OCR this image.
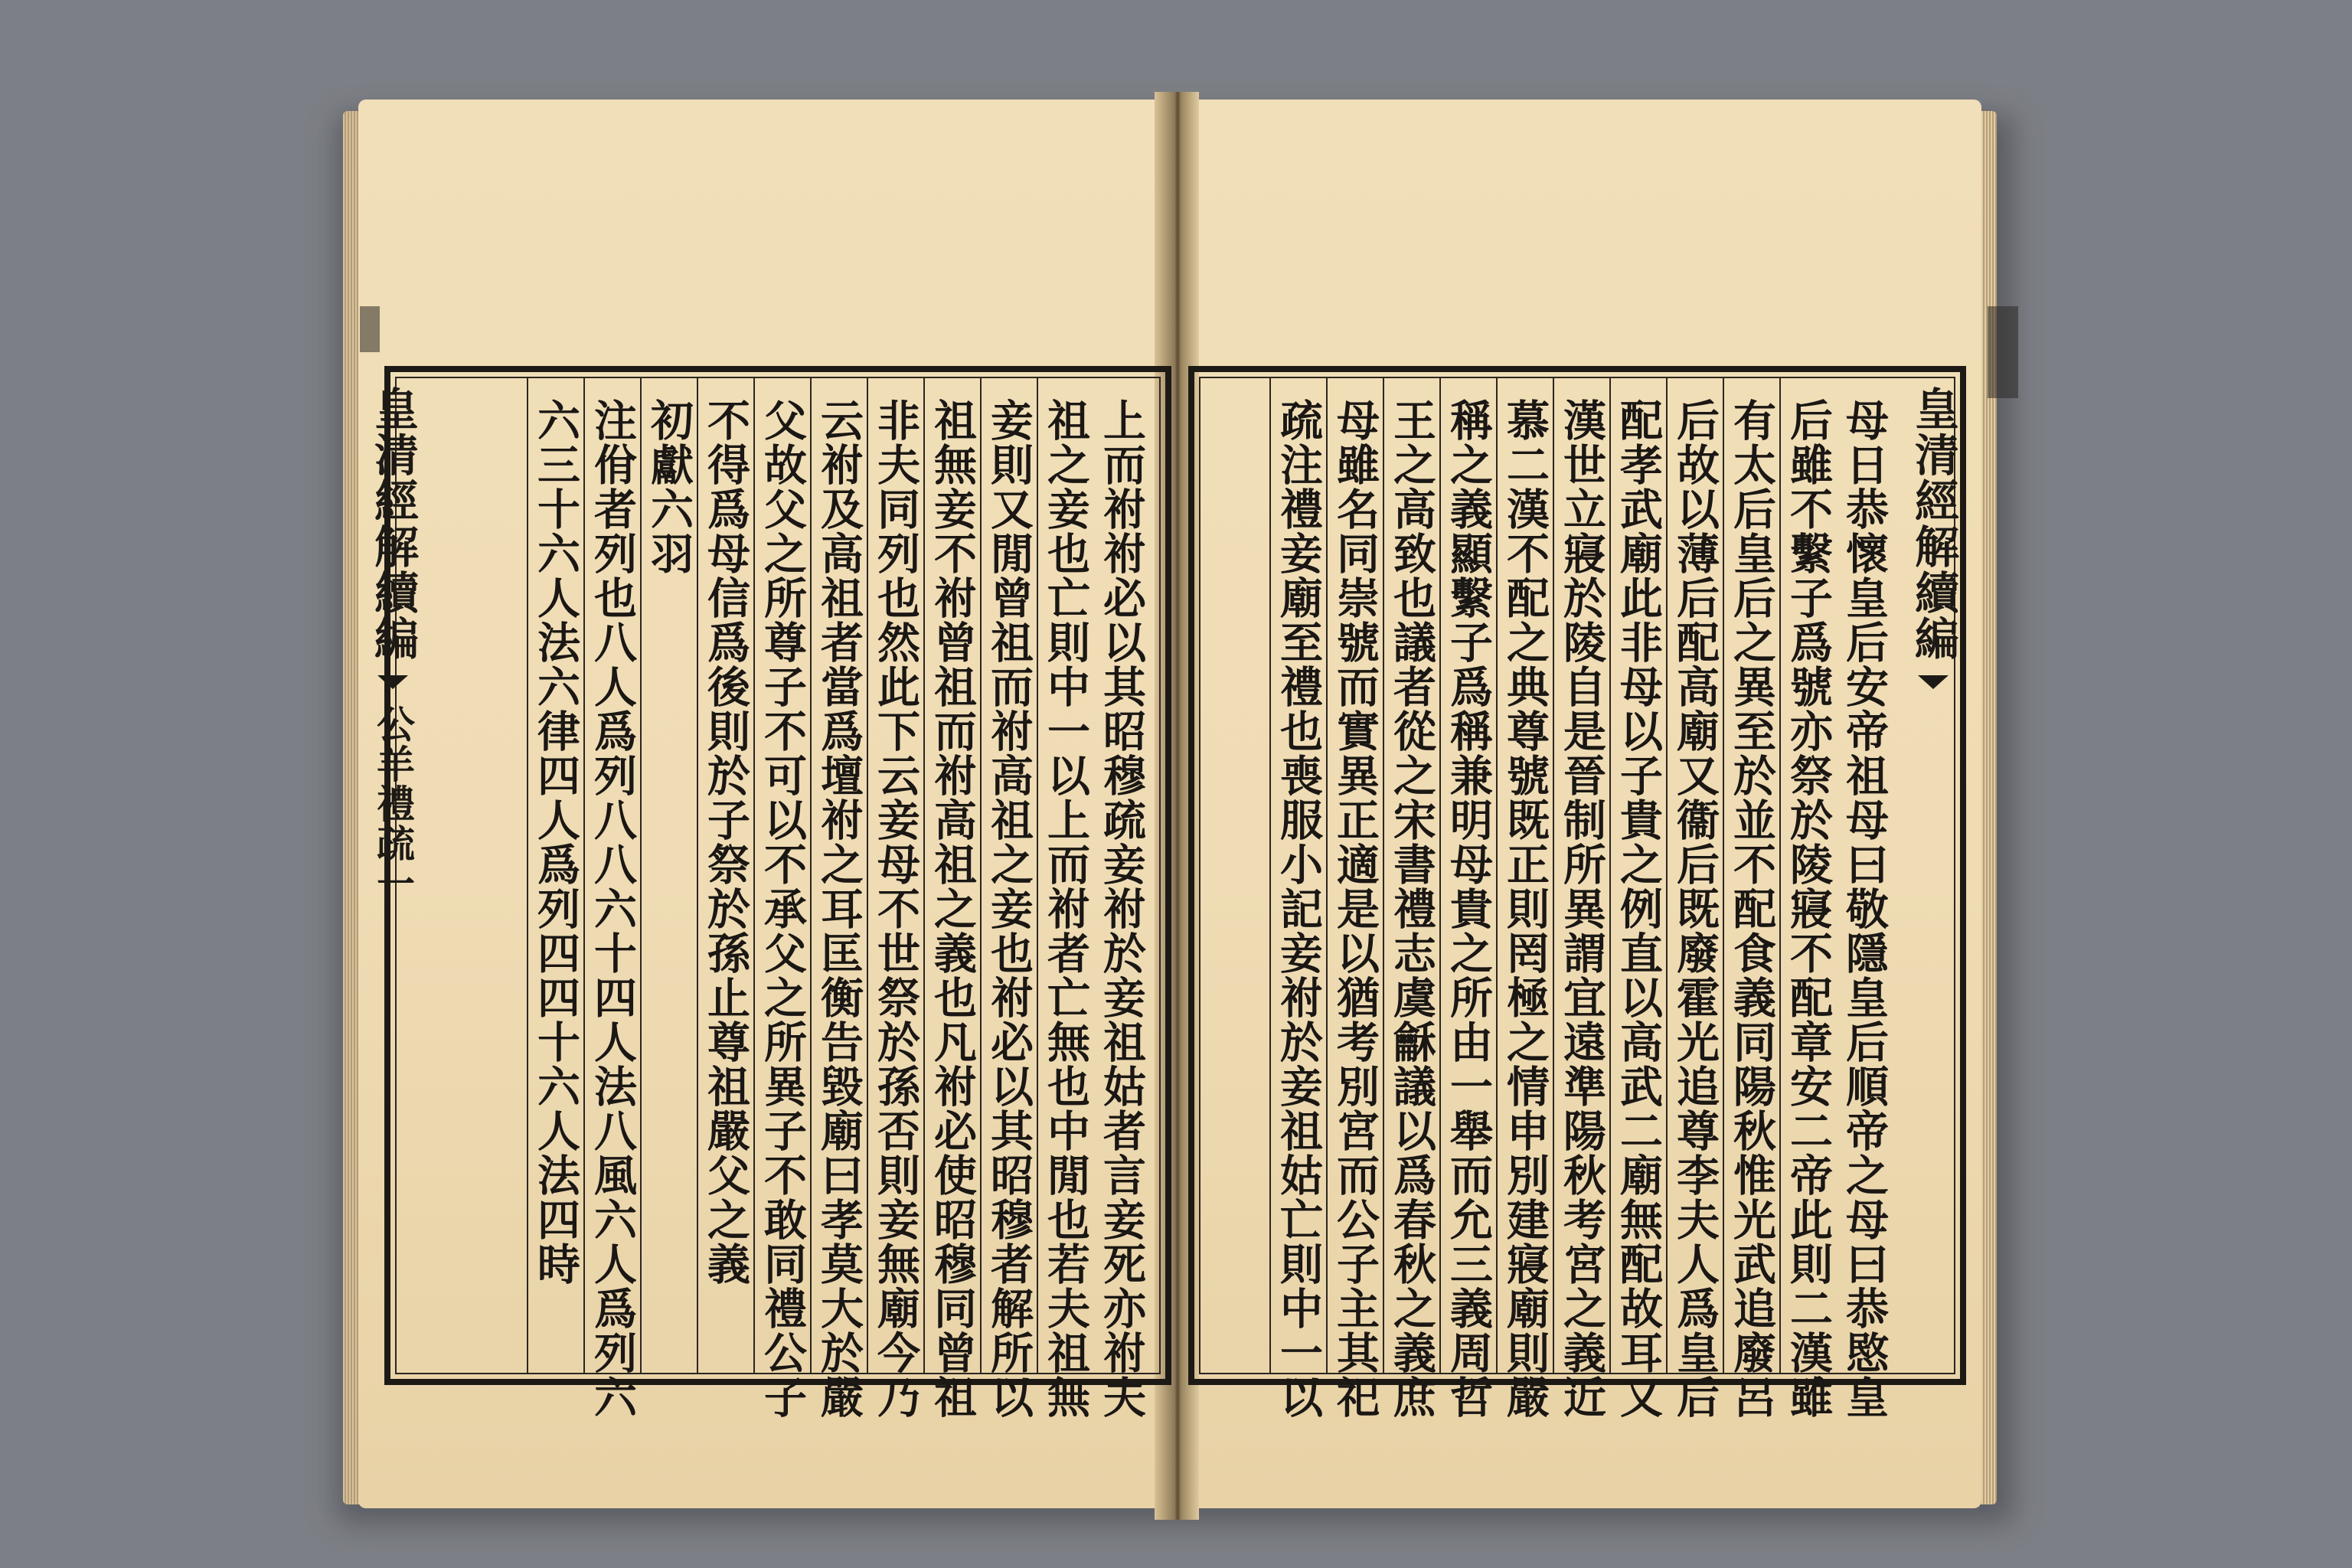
上而祔祔必以其昭穆疏妾祔於妾祖姑者言妾死亦祔夫
祖之妾也亡則中一以上而祔者亡無也中閒也若夫祖無
妾則又閒曾祖而祔高祖之妾也祔必以其昭穆者解所以
祖無妾不祔曾祖而祔高祖之義也凡祔必使昭穆同曾祖
非夫同列也然此下云妾母不世祭於孫否則妾無廟今乃
云祔及高祖者當爲壇祔之耳匡衡告毀廟曰孝莫大於嚴
父故父之所尊子不可以不承父之所異子不敢同禮公子
不得爲母信爲後則於子祭於孫止尊祖嚴父之義
初獻六羽
注佾者列也八人爲列八八六十四人法八風六人爲列六
六三十六人法六律四人爲列四四十六人法四時	母日恭懷皇后安帝祖母曰敬隱皇后順帝之母曰恭愍皇
后雖不繫子爲號亦祭於陵寢不配章安二帝此則二漢雖
有太后皇后之異至於並不配食義同陽秋惟光武追廢呂
后故以薄后配高廟又衞后既廢霍光追尊李夫人爲皇后
配孝武廟此非母以子貴之例直以高武二廟無配故耳又
漢世立寢於陵自是晉制所異謂宜遠準陽秋考宮之義近
慕二漢不配之典尊號既正則罔極之情申別建寢廟則嚴
稱之義顯繫子爲稱兼明母貴之所由一舉而允三義周哲
王之高致也議者從之宋書禮志虞龢議以爲春秋之義庶
母雖名同崇號而實異正適是以猶考別宮而公子主其祀
疏注禮妾廟至禮也喪服小記妾祔於妾祖姑亡則中一以
皇清經解續編
公羊禮疏一
皇清經解續編
